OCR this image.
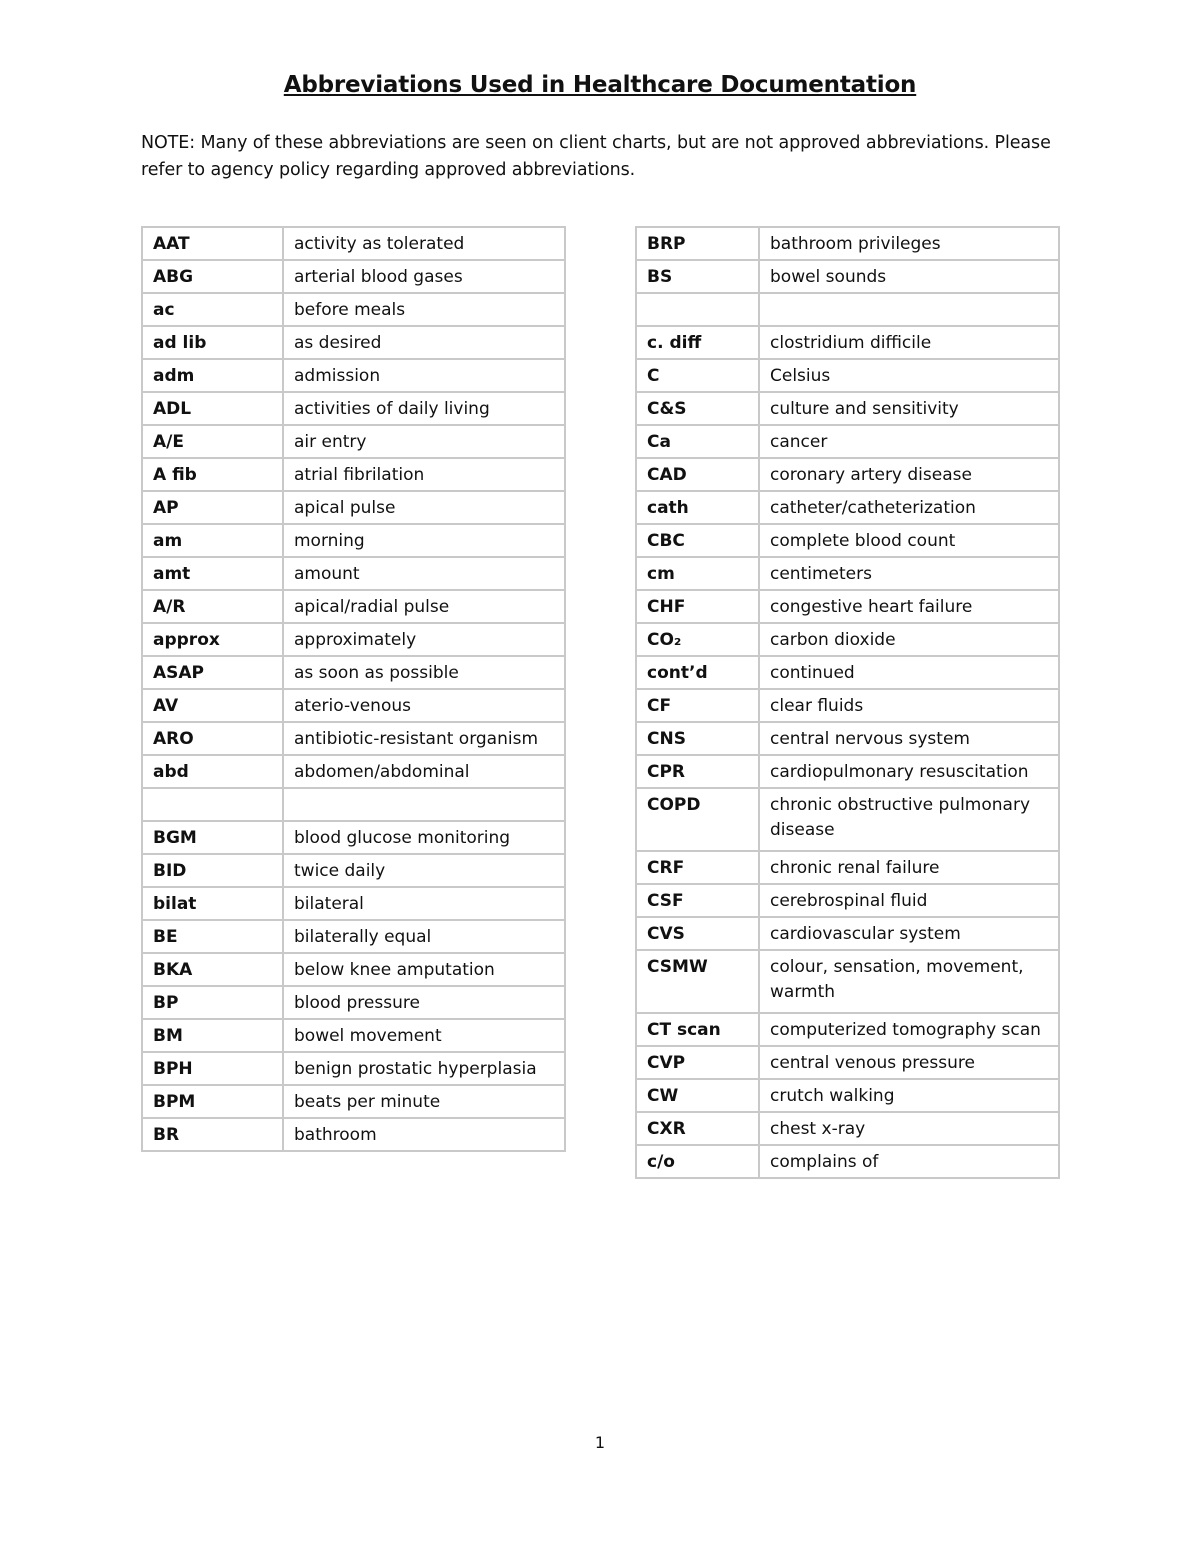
Abbreviations Used in Healthcare Documentation
NOTE: Many of these abbreviations are seen on client charts, but are not approved abbreviations. Please refer to agency policy regarding approved abbreviations.
AAT	activity as tolerated
ABG	arterial blood gases
ac	before meals
ad lib	as desired
adm	admission
ADL	activities of daily living
A/E	air entry
A fib	atrial fibrilation
AP	apical pulse
am	morning
amt	amount
A/R	apical/radial pulse
approx	approximately
ASAP	as soon as possible
AV	aterio-venous
ARO	antibiotic-resistant organism
abd	abdomen/abdominal

BGM	blood glucose monitoring
BID	twice daily
bilat	bilateral
BE	bilaterally equal
BKA	below knee amputation
BP	blood pressure
BM	bowel movement
BPH	benign prostatic hyperplasia
BPM	beats per minute
BR	bathroom
BRP	bathroom privileges
BS	bowel sounds

c. diff	clostridium difficile
C	Celsius
C&S	culture and sensitivity
Ca	cancer
CAD	coronary artery disease
cath	catheter/catheterization
CBC	complete blood count
cm	centimeters
CHF	congestive heart failure
CO₂	carbon dioxide
cont’d	continued
CF	clear fluids
CNS	central nervous system
CPR	cardiopulmonary resuscitation
COPD	chronic obstructive pulmonary disease
CRF	chronic renal failure
CSF	cerebrospinal fluid
CVS	cardiovascular system
CSMW	colour, sensation, movement, warmth
CT scan	computerized tomography scan
CVP	central venous pressure
CW	crutch walking
CXR	chest x-ray
c/o	complains of
1
